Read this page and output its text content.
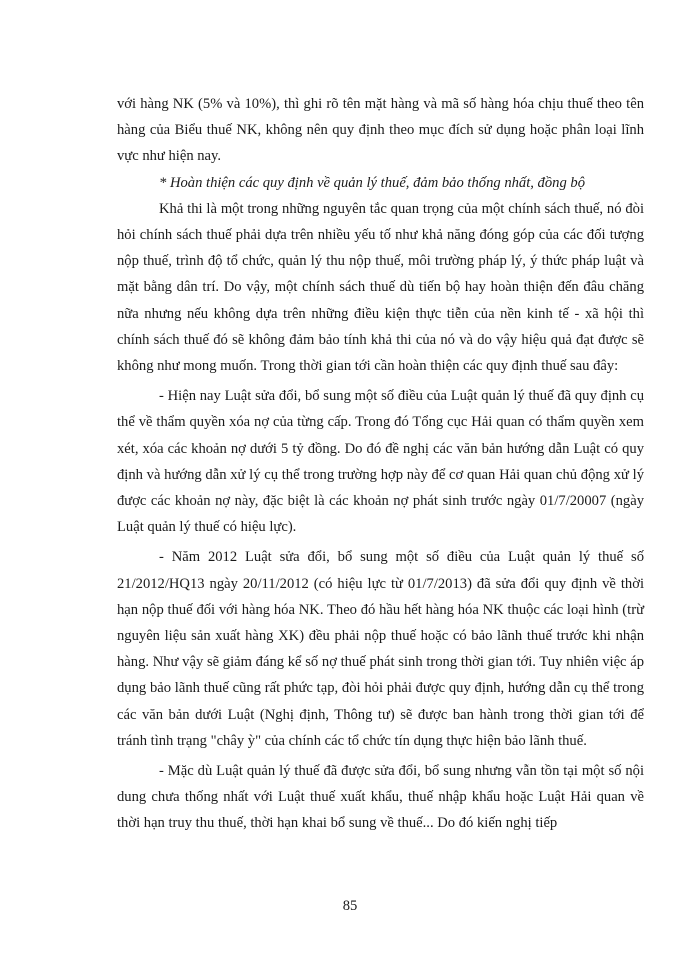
với hàng NK (5% và 10%), thì ghi rõ tên mặt hàng và mã số hàng hóa chịu thuế theo tên hàng của Biểu thuế NK, không nên quy định theo mục đích sử dụng hoặc phân loại lĩnh vực như hiện nay.

* Hoàn thiện các quy định về quản lý thuế, đảm bảo thống nhất, đồng bộ

Khả thi là một trong những nguyên tắc quan trọng của một chính sách thuế, nó đòi hỏi chính sách thuế phải dựa trên nhiều yếu tố như khả năng đóng góp của các đối tượng nộp thuế, trình độ tổ chức, quản lý thu nộp thuế, môi trường pháp lý, ý thức pháp luật và mặt bằng dân trí. Do vậy, một chính sách thuế dù tiến bộ hay hoàn thiện đến đâu chăng nữa nhưng nếu không dựa trên những điều kiện thực tiễn của nền kinh tế - xã hội thì chính sách thuế đó sẽ không đảm bảo tính khả thi của nó và do vậy hiệu quả đạt được sẽ không như mong muốn. Trong thời gian tới cần hoàn thiện các quy định thuế sau đây:

- Hiện nay Luật sửa đổi, bổ sung một số điều của Luật quản lý thuế đã quy định cụ thể về thẩm quyền xóa nợ của từng cấp. Trong đó Tổng cục Hải quan có thẩm quyền xem xét, xóa các khoản nợ dưới 5 tỷ đồng. Do đó đề nghị các văn bản hướng dẫn Luật có quy định và hướng dẫn xử lý cụ thể trong trường hợp này để cơ quan Hải quan chủ động xử lý được các khoản nợ này, đặc biệt là các khoản nợ phát sinh trước ngày 01/7/20007 (ngày Luật quản lý thuế có hiệu lực).

- Năm 2012 Luật sửa đổi, bổ sung một số điều của Luật quản lý thuế số 21/2012/HQ13 ngày 20/11/2012 (có hiệu lực từ 01/7/2013) đã sửa đổi quy định về thời hạn nộp thuế đối với hàng hóa NK. Theo đó hầu hết hàng hóa NK thuộc các loại hình (trừ nguyên liệu sản xuất hàng XK) đều phải nộp thuế hoặc có bảo lãnh thuế trước khi nhận hàng. Như vậy sẽ giảm đáng kể số nợ thuế phát sinh trong thời gian tới. Tuy nhiên việc áp dụng bảo lãnh thuế cũng rất phức tạp, đòi hỏi phải được quy định, hướng dẫn cụ thể trong các văn bản dưới Luật (Nghị định, Thông tư) sẽ được ban hành trong thời gian tới để tránh tình trạng "chây ỳ" của chính các tổ chức tín dụng thực hiện bảo lãnh thuế.

- Mặc dù Luật quản lý thuế đã được sửa đổi, bổ sung nhưng vẫn tồn tại một số nội dung chưa thống nhất với Luật thuế xuất khẩu, thuế nhập khẩu hoặc Luật Hải quan về thời hạn truy thu thuế, thời hạn khai bổ sung về thuế... Do đó kiến nghị tiếp

85
